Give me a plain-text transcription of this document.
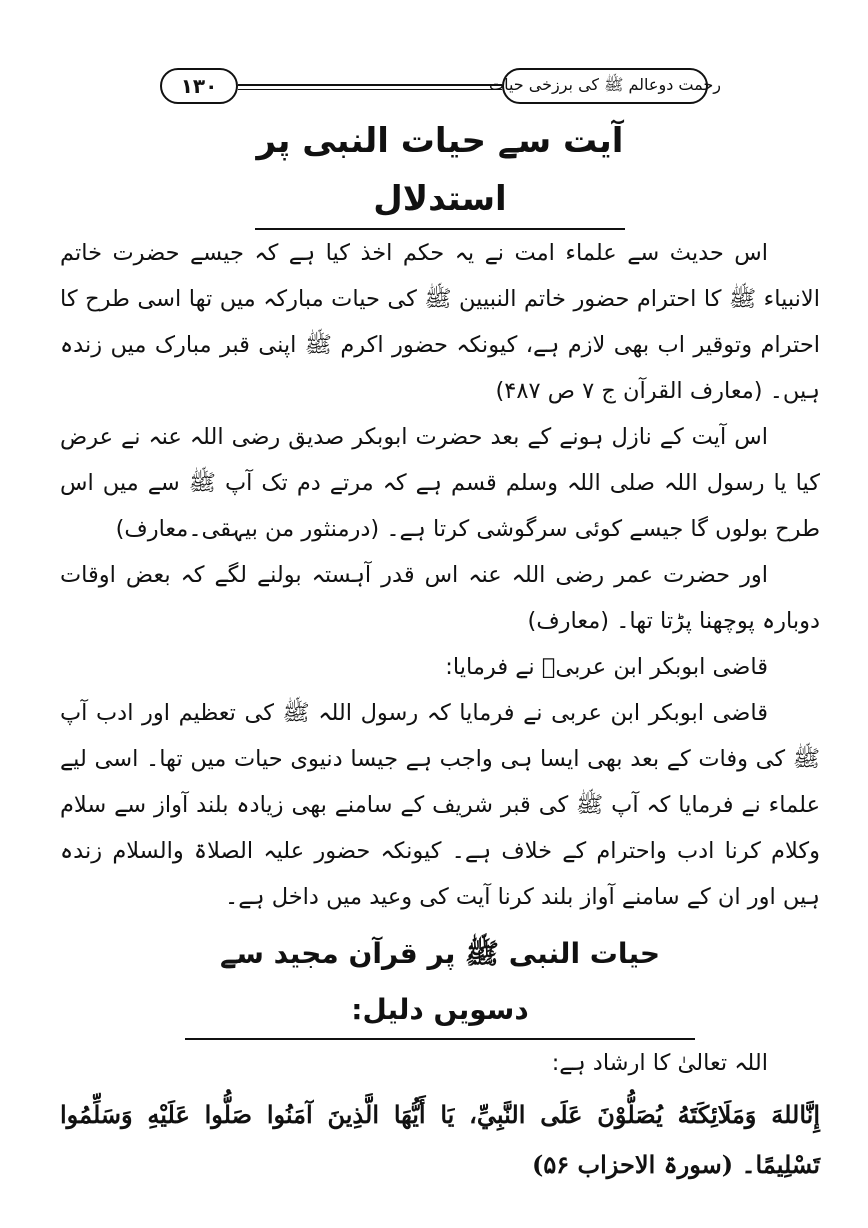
١٣٠	رحمت دوعالم ﷺ کی برزخی حیات
آیت سے حیات النبی پر استدلال

اس حدیث سے علماء امت نے یہ حکم اخذ کیا ہے کہ جیسے حضرت خاتم الانبیاء ﷺ کا احترام حضور خاتم النبیین ﷺ کی حیات مبارکہ میں تھا اسی طرح کا احترام وتوقیر اب بھی لازم ہے، کیونکہ حضور اکرم ﷺ اپنی قبر مبارک میں زندہ ہیں۔ (معارف القرآن ج ۷ ص ۴۸۷)

اس آیت کے نازل ہونے کے بعد حضرت ابوبکر صدیق رضی اللہ عنہ نے عرض کیا یا رسول اللہ صلی اللہ وسلم قسم ہے کہ مرتے دم تک آپ ﷺ سے میں اس طرح بولوں گا جیسے کوئی سرگوشی کرتا ہے۔ (درمنثور من بیہقی۔معارف)

اور حضرت عمر رضی اللہ عنہ اس قدر آہستہ بولنے لگے کہ بعض اوقات دوبارہ پوچھنا پڑتا تھا۔ (معارف)

قاضی ابوبکر ابن عربیؒ نے فرمایا:

قاضی ابوبکر ابن عربی نے فرمایا کہ رسول اللہ ﷺ کی تعظیم اور ادب آپ ﷺ کی وفات کے بعد بھی ایسا ہی واجب ہے جیسا دنیوی حیات میں تھا۔ اسی لیے علماء نے فرمایا کہ آپ ﷺ کی قبر شریف کے سامنے بھی زیادہ بلند آواز سے سلام وکلام کرنا ادب واحترام کے خلاف ہے۔ کیونکہ حضور علیہ الصلاۃ والسلام زندہ ہیں اور ان کے سامنے آواز بلند کرنا آیت کی وعید میں داخل ہے۔

حیات النبی ﷺ پر قرآن مجید سے دسویں دلیل:

اللہ تعالیٰ کا ارشاد ہے:

إِنَّاللهَ وَمَلَائِكَتَهُ يُصَلُّوْنَ عَلَى النَّبِيِّ، يَا أَيُّهَا الَّذِينَ آمَنُوا صَلُّوا عَلَيْهِ وَسَلِّمُوا تَسْلِيمًا۔ (سورۃ الاحزاب ۵۶)
